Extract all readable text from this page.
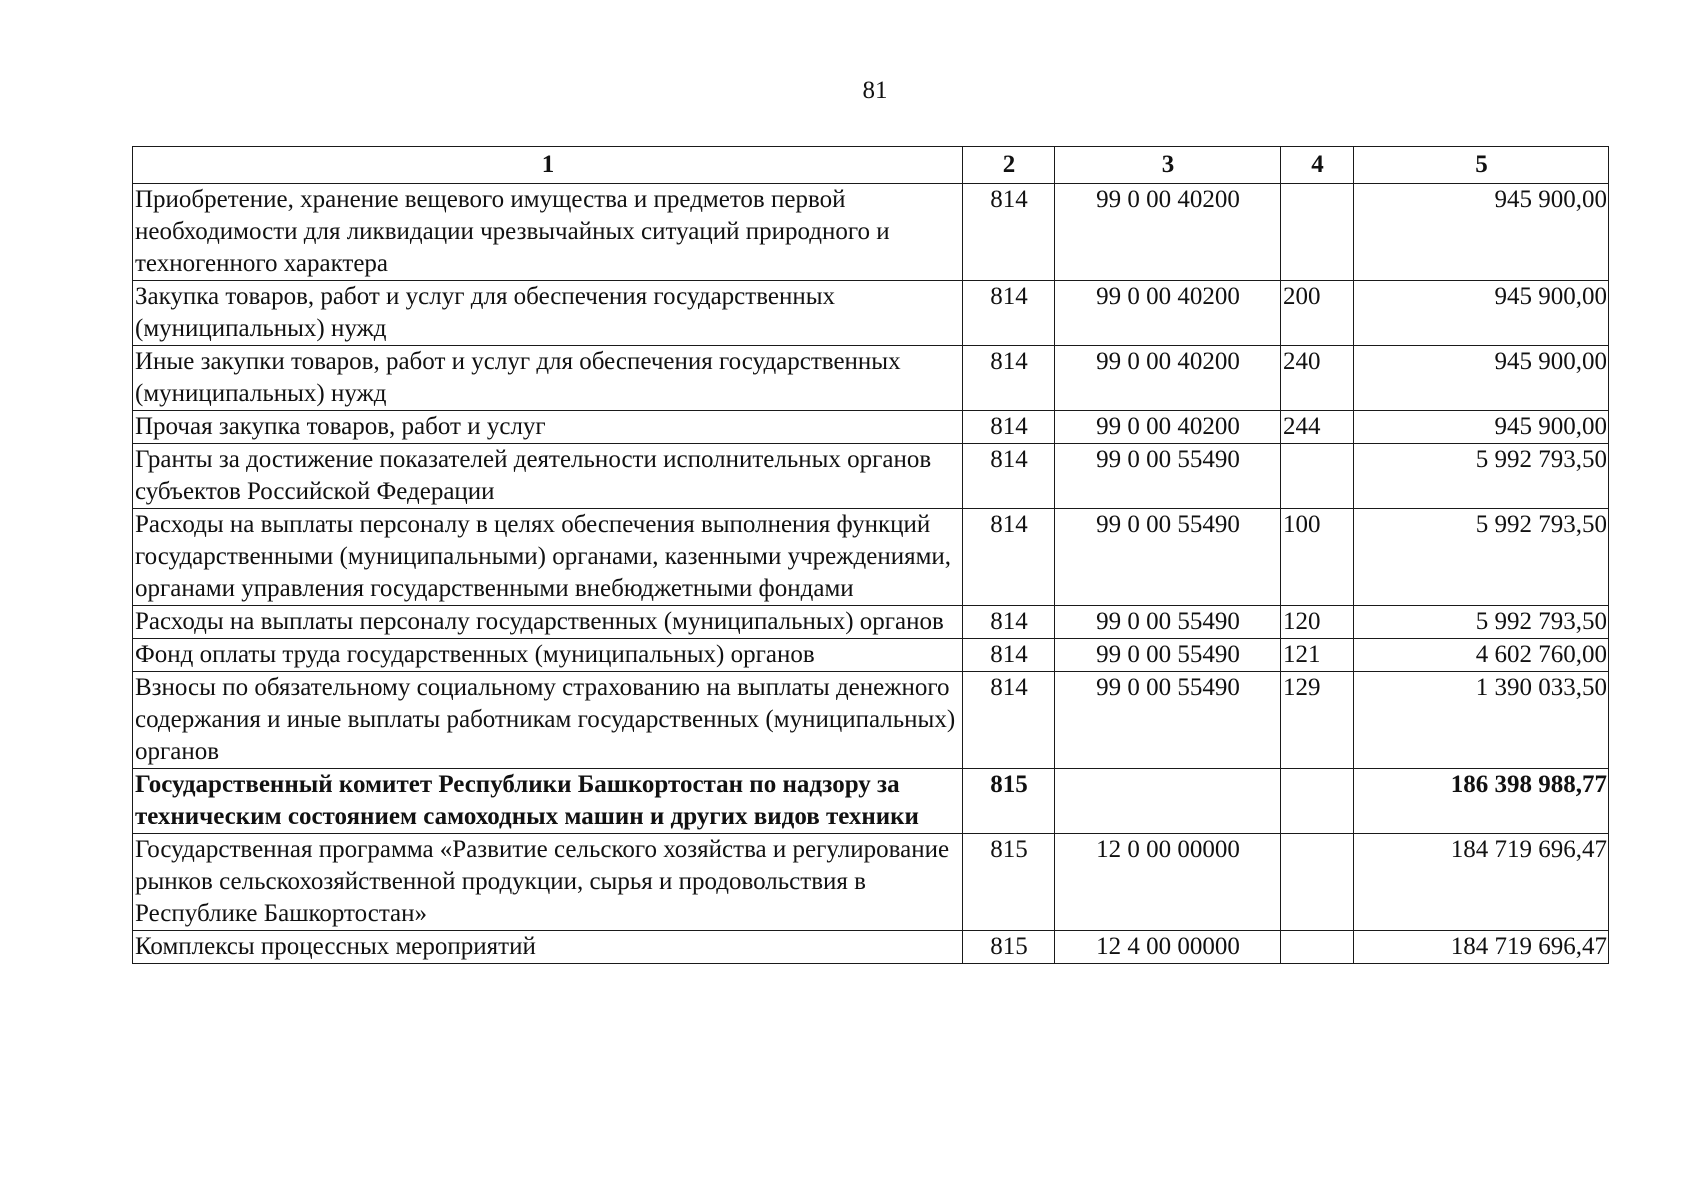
81
1	2	3	4	5
Приобретение, хранение вещевого имущества и предметов первой необходимости для ликвидации чрезвычайных ситуаций природного и техногенного характера	814	99 0 00 40200		945 900,00
Закупка товаров, работ и услуг для обеспечения государственных (муниципальных) нужд	814	99 0 00 40200	200	945 900,00
Иные закупки товаров, работ и услуг для обеспечения государственных (муниципальных) нужд	814	99 0 00 40200	240	945 900,00
Прочая закупка товаров, работ и услуг	814	99 0 00 40200	244	945 900,00
Гранты за достижение показателей деятельности исполнительных органов субъектов Российской Федерации	814	99 0 00 55490		5 992 793,50
Расходы на выплаты персоналу в целях обеспечения выполнения функций государственными (муниципальными) органами, казенными учреждениями, органами управления государственными внебюджетными фондами	814	99 0 00 55490	100	5 992 793,50
Расходы на выплаты персоналу государственных (муниципальных) органов	814	99 0 00 55490	120	5 992 793,50
Фонд оплаты труда государственных (муниципальных) органов	814	99 0 00 55490	121	4 602 760,00
Взносы по обязательному социальному страхованию на выплаты денежного содержания и иные выплаты работникам государственных (муниципальных) органов	814	99 0 00 55490	129	1 390 033,50
Государственный комитет Республики Башкортостан по надзору за техническим состоянием самоходных машин и других видов техники	815			186 398 988,77
Государственная программа «Развитие сельского хозяйства и регулирование рынков сельскохозяйственной продукции, сырья и продовольствия в Республике Башкортостан»	815	12 0 00 00000		184 719 696,47
Комплексы процессных мероприятий	815	12 4 00 00000		184 719 696,47
